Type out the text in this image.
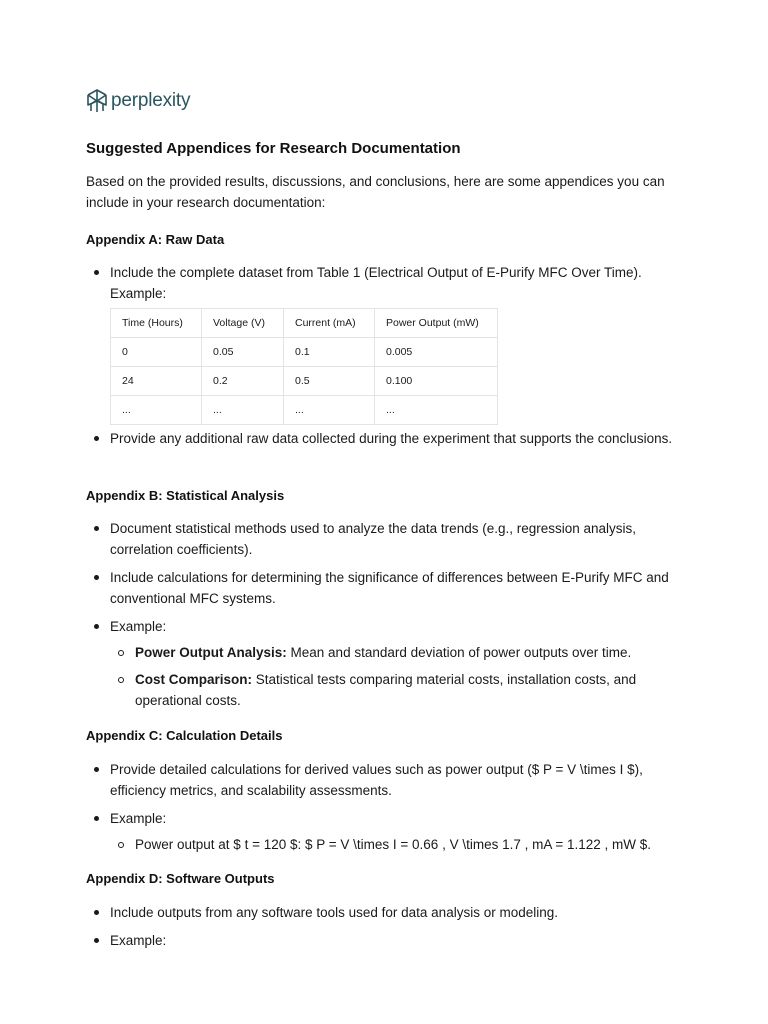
perplexity
Suggested Appendices for Research Documentation

Based on the provided results, discussions, and conclusions, here are some appendices you can include in your research documentation:

Appendix A: Raw Data
Include the complete dataset from Table 1 (Electrical Output of E-Purify MFC Over Time). Example:
Time (Hours)	Voltage (V)	Current (mA)	Power Output (mW)
0	0.05	0.1	0.005
24	0.2	0.5	0.100
...	...	...	...
Provide any additional raw data collected during the experiment that supports the conclusions.
Appendix B: Statistical Analysis
Document statistical methods used to analyze the data trends (e.g., regression analysis, correlation coefficients).
Include calculations for determining the significance of differences between E-Purify MFC and conventional MFC systems.
Example:
Power Output Analysis: Mean and standard deviation of power outputs over time.
Cost Comparison: Statistical tests comparing material costs, installation costs, and operational costs.
Appendix C: Calculation Details
Provide detailed calculations for derived values such as power output ($ P = V \times I $), efficiency metrics, and scalability assessments.
Example:
Power output at $ t = 120 $: $ P = V \times I = 0.66 , V \times 1.7 , mA = 1.122 , mW $.
Appendix D: Software Outputs
Include outputs from any software tools used for data analysis or modeling.
Example:
